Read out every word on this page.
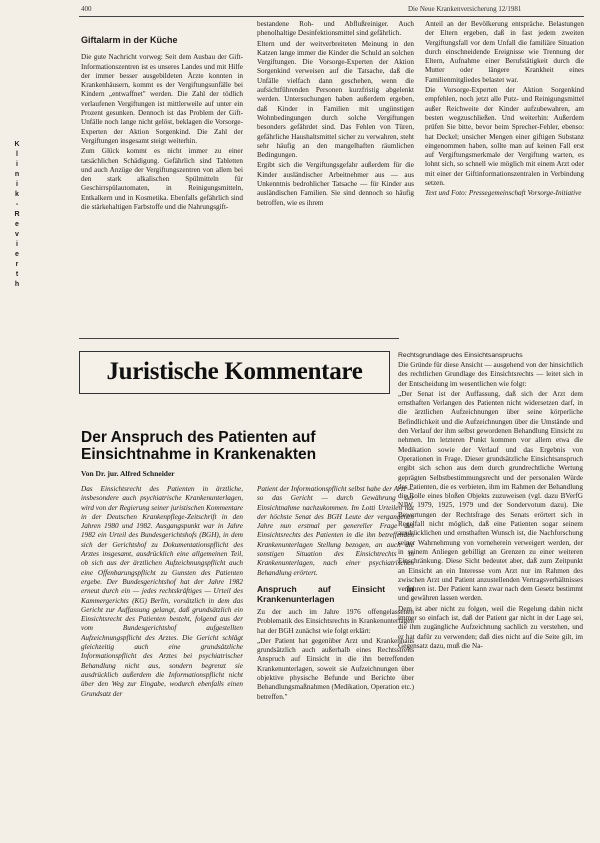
400	Die Neue Krankenversicherung 12/1981
K
l
i
n
i
k
-
R
e
v
i
e
r
t
h
Giftalarm in der Küche

Die gute Nachricht vorweg: Seit dem Ausbau der Gift-Informationszentren ist es unseres Landes und mit Hilfe der immer besser ausgebildeten Ärzte konnten in Krankenhäusern, kommt es der Vergiftungsunfälle bei Kindern „entwaffnet" werden. Die Zahl der tödlich verlaufenen Vergiftungen ist mittlerweile auf unter ein Prozent gesunken. Dennoch ist das Problem der Gift-Unfälle noch lange nicht gelöst, beklagen die Vorsorge-Experten der Aktion Sorgenkind. Die Zahl der Vergiftungen insgesamt steigt weiterhin.

Zum Glück kommt es nicht immer zu einer tatsächlichen Schädigung. Gefährlich sind Tabletten und auch Anzüge der Vergiftungszentren von allem bei den stark alkalischen Spülmitteln für Geschirrspülautomaten, in Reinigungsmitteln, Entkalkern und in Kosmetika. Ebenfalls gefährlich sind die stärkehaltigen Farbstoffe und die Nahrungsgift-

bestandene Roh- und Abflußreiniger. Auch phenolhaltige Desinfektionsmittel sind gefährlich.

Eltern und der weitverbreiteten Meinung in den Katzen lange immer die Kinder die Schuld an solchen Vergiftungen. Die Vorsorge-Experten der Aktion Sorgenkind verweisen auf die Tatsache, daß die Unfälle vielfach dann geschehen, wenn die aufsichtführenden Personen kurzfristig abgelenkt werden. Untersuchungen haben außerdem ergeben, daß Kinder in Familien mit ungünstigen Wohnbedingungen durch solche Vergiftungen besonders gefährdet sind. Das Fehlen von Türen, gefährliche Haushaltsmittel sicher zu verwahren, steht sehr häufig an den mangelhaften räumlichen Bedingungen.

Ergibt sich die Vergiftungsgefahr außerdem für die Kinder ausländischer Arbeitnehmer aus — aus Unkenntnis bedrohlicher Tatsache — für Kinder aus ausländischen Familien. Sie sind dennoch so häufig betroffen, wie es ihrem

Anteil an der Bevölkerung entspräche. Belastungen der Eltern ergeben, daß in fast jedem zweiten Vergiftungsfall vor dem Unfall die familiäre Situation durch einschneidende Ereignisse wie Trennung der Eltern, Aufnahme einer Berufstätigkeit durch die Mutter oder längere Krankheit eines Familienmitgliedes belastet war.

Die Vorsorge-Experten der Aktion Sorgenkind empfehlen, noch jetzt alle Putz- und Reinigungsmittel außer Reichweite der Kinder aufzubewahren, am besten wegzuschließen. Und weiterhin: Außerdem prüfen Sie bitte, bevor beim Sprecher-Fehler, ebenso: hat Deckel; unsicher Mengen einer giftigen Substanz eingenommen haben, sollte man auf keinen Fall erst auf Vergiftungsmerkmale der Vergiftung warten, es lohnt sich, so schnell wie möglich mit einem Arzt oder mit einer der Giftinformationszentralen in Verbindung setzen.

Text und Foto: Pressegemeinschaft Vorsorge-Initiative

Juristische Kommentare
Der Anspruch des Patienten auf Einsichtnahme in Krankenakten
Von Dr. jur. Alfred Schneider

Das Einsichtsrecht des Patienten in ärztliche, insbesondere auch psychiatrische Krankenunterlagen, wird von der Regierung seiner juristischen Kommentare in der Deutschen Krankenpflege-Zeitschrift in den Jahren 1980 und 1982. Ausgangspunkt war in Jahre 1982 ein Urteil des Bundesgerichtshofs (BGH), in dem sich der Gerichtshof zu Dokumentationspflicht des Arztes insgesamt, ausdrücklich eine allgemeinen Teil, ob sich aus der ärztlichen Aufzeichnungspflicht auch eine Offenbarungspflicht zu Gunsten des Patienten ergebe. Der Bundesgerichtshof hat der Jahre 1982 erneut durch ein — jedes rechtskräftiges — Urteil des Kammergerichts (KG) Berlin, vorsätzlich in dem das Gericht zur Auffassung gelangt, daß grundsätzlich ein Einsichtsrecht des Patienten besteht, folgend aus der vom Bundesgerichtshof aufgestellten Aufzeichnungspflicht des Arztes. Die Gericht schlägt gleichzeitig auch eine grundsätzliche Informationspflicht des Arztes bei psychiatrischer Behandlung nicht aus, sondern begrenzt sie ausdrücklich außerdem die Informationspflicht nicht über den Weg zur Eingabe, wodurch ebenfalls einen Grundsatz der

Patient der Informationspflicht selbst habe der Arzt — so das Gericht — durch Gewährung der Einsichtnahme nachzukommen. Im Lotti Urteilen hat der höchste Senat des BGH Leute der vergangenen Jahre nun erstmal per genereller Frage des Einsichtsrechts des Patienten in die ihn betreffenden Krankenunterlagen Stellung bezogen, an auch die sonstigen Situation des Einsichtrechts in Krankenunterlagen, nach einer psychiatrischen Behandlung erörtert.

Anspruch auf Einsicht in Krankenunterlagen

Zu der auch im Jahre 1976 offengelassenen Problematik des Einsichtsrechts in Krankenunterlagen hat der BGH zunächst wie folgt erklärt:

„Der Patient hat gegenüber Arzt und Krankenhaus grundsätzlich auch außerhalb eines Rechtsstreits Anspruch auf Einsicht in die ihn betreffenden Krankenunterlagen, soweit sie Aufzeichnungen über objektive physische Befunde und Berichte über Behandlungsmaßnahmen (Medikation, Operation etc.) betreffen."

Rechtsgrundlage des Einsichtsanspruchs

Die Gründe für diese Ansicht — ausgehend von der hinsichtlich des rechtlichen Grundlage des Einsichtsrechts — leitet sich in der Entscheidung im wesentlichen wie folgt:

„Der Senat ist der Auffassung, daß sich der Arzt dem ernsthaften Verlangen des Patienten nicht widersetzen darf, in die ärztlichen Aufzeichnungen über seine körperliche Befindlichkeit und die Aufzeichnungen über die Umstände und den Verlauf der ihm selbst gewordenen Behandlung Einsicht zu nehmen. Im letzteren Punkt kommen vor allem etwa die Medikation sowie der Verlauf und das Ergebnis von Operationen in Frage. Dieser grundsätzliche Einsichtsanspruch ergibt sich schon aus dem durch grundrechtliche Wertung geprägten Selbstbestimmungsrecht und der personalen Würde des Patienten, die es verbieten, ihm im Rahmen der Behandlung die Rolle eines bloßen Objekts zuzuweisen (vgl. dazu BVerfG NJW 1979, 1925, 1979 und der Sondervotum dazu). Die Bewertungen der Rechtsfrage des Senats erörtert sich in Regelfall nicht möglich, daß eine Patienten sogar seinem ausdrücklichen und ernsthaften Wunsch ist, die Nachforschung seiner Wahrnehmung von vorneherein verweigert werden, der in seinem Anliegen gebilligt an Grenzen zu einer weiteren Einschränkung. Diese Sicht bedeutet aber, daß zum Zeitpunkt an Einsicht an ein Interesse vom Arzt nur im Rahmen des zwischen Arzt und Patient anzustellenden Vertragsverhältnisses verfahren ist. Der Patient kann zwar nach dem Gesetz bestimmt und gewähren lassen werden.

Dem ist aber nicht zu folgen, weil die Regelung dahin nicht immer so einfach ist, daß der Patient gar nicht in der Lage sei, die ihm zugängliche Aufzeichnung sachlich zu verstehen, und er hat dafür zu verwenden; daß dies nicht auf die Seite gilt, im Gegensatz dazu, muß die Na-
